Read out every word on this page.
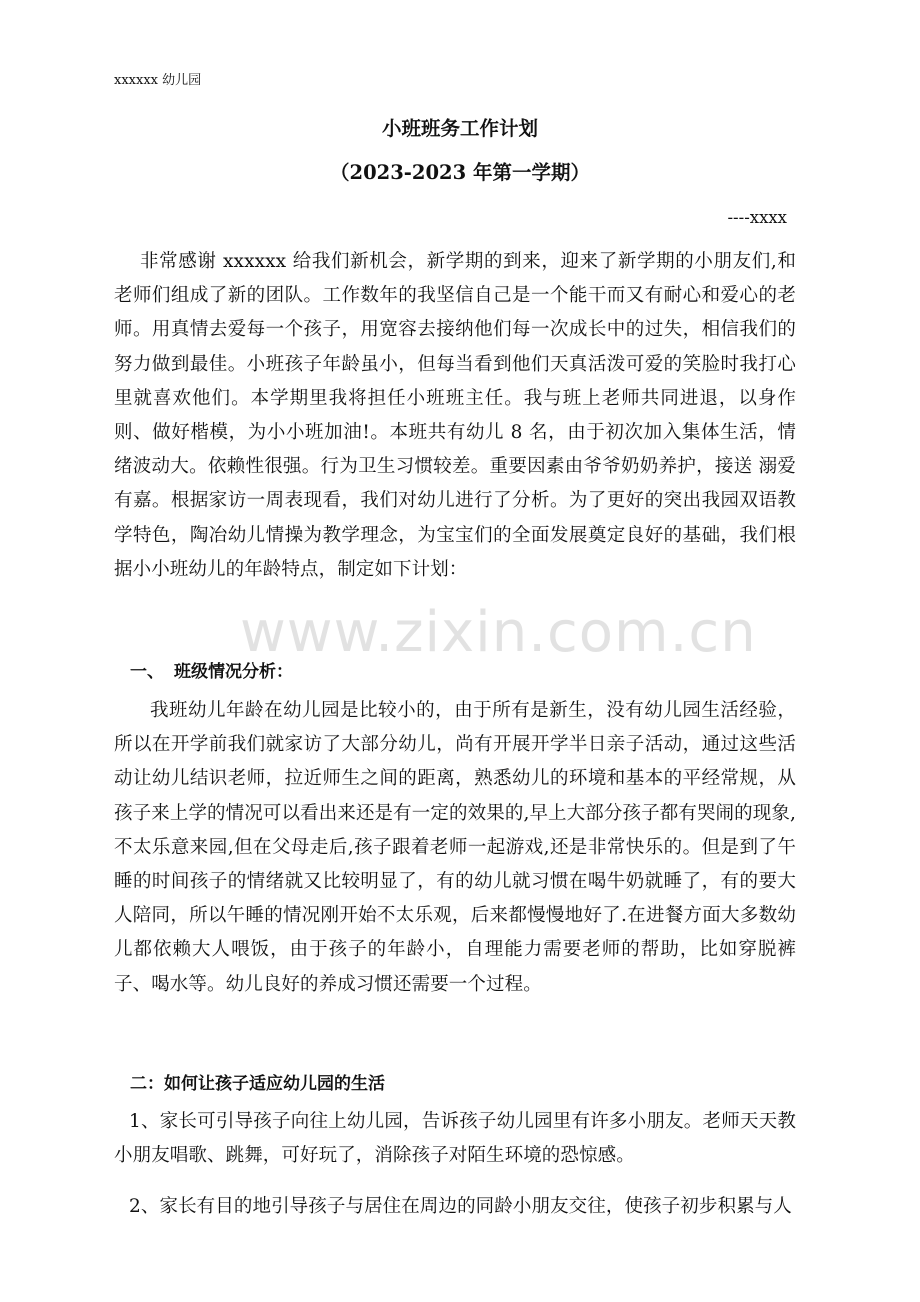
xxxxxx 幼儿园
小班班务工作计划
（2023-2023 年第一学期）
----xxxx
非常感谢 xxxxxx 给我们新机会，新学期的到来，迎来了新学期的小朋友们,和老师们组成了新的团队。工作数年的我坚信自己是一个能干而又有耐心和爱心的老师。用真情去爱每一个孩子，用宽容去接纳他们每一次成长中的过失，相信我们的努力做到最佳。小班孩子年龄虽小，但每当看到他们天真活泼可爱的笑脸时我打心里就喜欢他们。本学期里我将担任小班班主任。我与班上老师共同进退，以身作则、做好楷模，为小小班加油!。本班共有幼儿 8 名，由于初次加入集体生活，情绪波动大。依赖性很强。行为卫生习惯较差。重要因素由爷爷奶奶养护，接送 溺爱有嘉。根据家访一周表现看，我们对幼儿进行了分析。为了更好的突出我园双语教学特色，陶冶幼儿情操为教学理念，为宝宝们的全面发展奠定良好的基础，我们根据小小班幼儿的年龄特点，制定如下计划：
一、 班级情况分析：
我班幼儿年龄在幼儿园是比较小的，由于所有是新生，没有幼儿园生活经验，所以在开学前我们就家访了大部分幼儿，尚有开展开学半日亲子活动，通过这些活动让幼儿结识老师，拉近师生之间的距离，熟悉幼儿的环境和基本的平经常规，从孩子来上学的情况可以看出来还是有一定的效果的,早上大部分孩子都有哭闹的现象,不太乐意来园,但在父母走后,孩子跟着老师一起游戏,还是非常快乐的。但是到了午睡的时间孩子的情绪就又比较明显了，有的幼儿就习惯在喝牛奶就睡了，有的要大人陪同，所以午睡的情况刚开始不太乐观，后来都慢慢地好了.在进餐方面大多数幼儿都依赖大人喂饭，由于孩子的年龄小，自理能力需要老师的帮助，比如穿脱裤子、喝水等。幼儿良好的养成习惯还需要一个过程。
二：如何让孩子适应幼儿园的生活
1、家长可引导孩子向往上幼儿园，告诉孩子幼儿园里有许多小朋友。老师天天教小朋友唱歌、跳舞，可好玩了，消除孩子对陌生环境的恐惊感。
2、家长有目的地引导孩子与居住在周边的同龄小朋友交往，使孩子初步积累与人
www.zixin.com.cn
